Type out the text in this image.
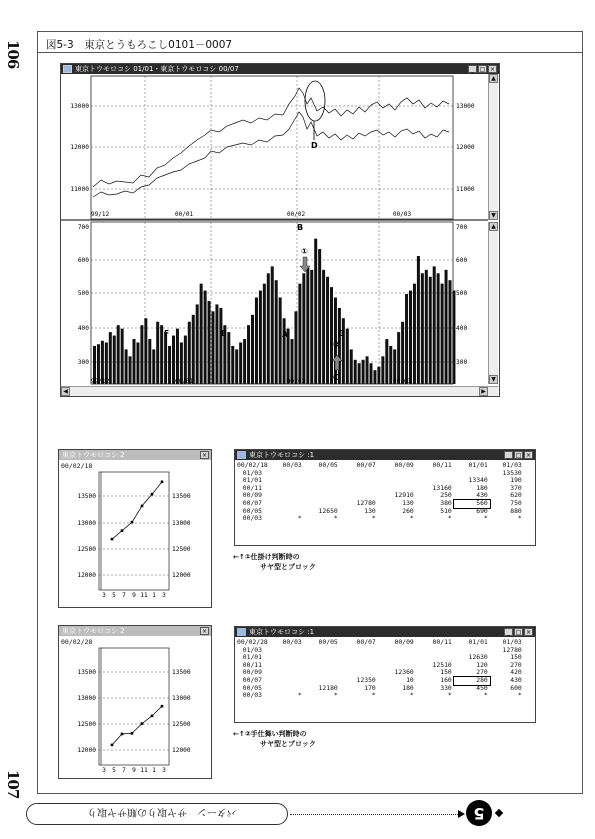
106
107
図5-3　東京とうもろこし0101－0007
東京トウモロコシ 01/01・東京トウモロコシ 00/07	_ □ ×
▲
▼
▲
▼
◀	▶
13000
12000
11000
13000
12000
11000
99/12	00/01	00/02	00/03
D
700
600
500
400
300
700
600
500
400
300
99/12	00/01	00/02	00/03
B
①
②
G
C
E
F	A
東京トウモロコシ 2	×
00/02/18
13500
13000
12500
12000
13500
13000
12500
12000
3 5 7 9 11 1 3
東京トウモロコシ :1	_ □ ×
00/02/18	00/03	00/05	00/07	00/09	00/11	01/01	01/03
01/03							13530
01/01						13340	190
00/11					13160	180	370
00/09				12910	250	430	620
00/07			12780	130	380	560	750
00/05		12650	130	260	510	690	880
00/03	*	*	*	*	*	*	*
←↑①仕掛け判断時の
サヤ型とブロック
東京トウモロコシ 2	×
00/02/28
13500
13000
12500
12000
13500
13000
12500
12000
3 5 7 9 11 1 3
東京トウモロコシ :1	_ □ ×
00/02/28	00/03	00/05	00/07	00/09	00/11	01/01	01/03
01/03							12780
01/01						12630	150
00/11					12510	120	270
00/09				12360	150	270	420
00/07			12350	10	160	280	430
00/05		12180	170	180	330	450	600
00/03	*	*	*	*	*	*	*
←↑②手仕舞い判断時の
サヤ型とブロック
パターン　サヤ取りの順サヤ取り	5
